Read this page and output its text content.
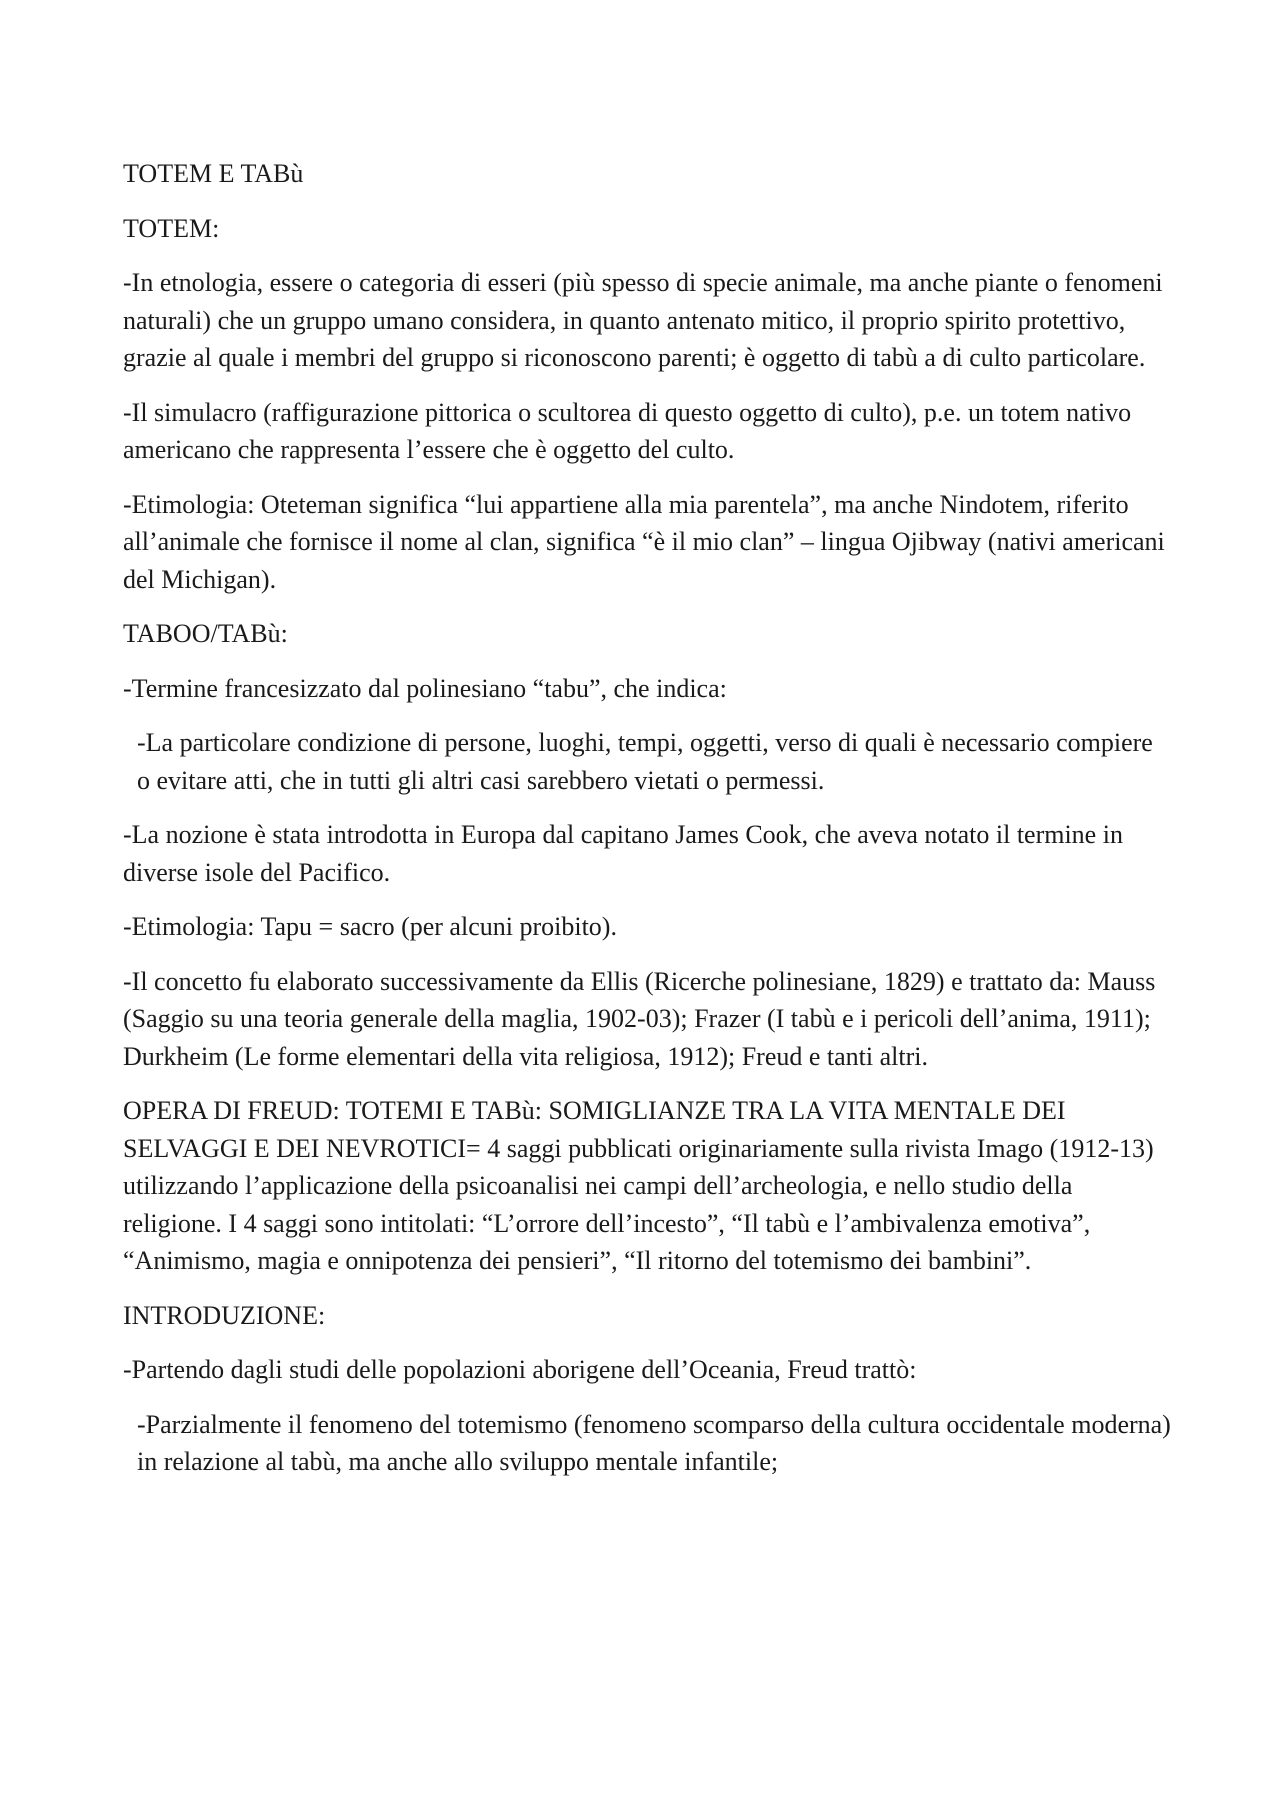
TOTEM E TABù

TOTEM:

-In etnologia, essere o categoria di esseri (più spesso di specie animale, ma anche piante o fenomeni naturali) che un gruppo umano considera, in quanto antenato mitico, il proprio spirito protettivo, grazie al quale i membri del gruppo si riconoscono parenti; è oggetto di tabù a di culto particolare.

-Il simulacro (raffigurazione pittorica o scultorea di questo oggetto di culto), p.e. un totem nativo americano che rappresenta l’essere che è oggetto del culto.

-Etimologia: Oteteman significa “lui appartiene alla mia parentela”, ma anche Nindotem, riferito all’animale che fornisce il nome al clan, significa “è il mio clan” – lingua Ojibway (nativi americani del Michigan).

TABOO/TABù:

-Termine francesizzato dal polinesiano “tabu”, che indica:

-La particolare condizione di persone, luoghi, tempi, oggetti, verso di quali è necessario compiere o evitare atti, che in tutti gli altri casi sarebbero vietati o permessi.

-La nozione è stata introdotta in Europa dal capitano James Cook, che aveva notato il termine in diverse isole del Pacifico.

-Etimologia: Tapu = sacro (per alcuni proibito).

-Il concetto fu elaborato successivamente da Ellis (Ricerche polinesiane, 1829) e trattato da: Mauss (Saggio su una teoria generale della maglia, 1902-03); Frazer (I tabù e i pericoli dell’anima, 1911); Durkheim (Le forme elementari della vita religiosa, 1912); Freud e tanti altri.

OPERA DI FREUD: TOTEMI E TABù: SOMIGLIANZE TRA LA VITA MENTALE DEI SELVAGGI E DEI NEVROTICI= 4 saggi pubblicati originariamente sulla rivista Imago (1912-13) utilizzando l’applicazione della psicoanalisi nei campi dell’archeologia, e nello studio della religione. I 4 saggi sono intitolati: “L’orrore dell’incesto”, “Il tabù e l’ambivalenza emotiva”, “Animismo, magia e onnipotenza dei pensieri”, “Il ritorno del totemismo dei bambini”.

INTRODUZIONE:

-Partendo dagli studi delle popolazioni aborigene dell’Oceania, Freud trattò:

-Parzialmente il fenomeno del totemismo (fenomeno scomparso della cultura occidentale moderna) in relazione al tabù, ma anche allo sviluppo mentale infantile;
